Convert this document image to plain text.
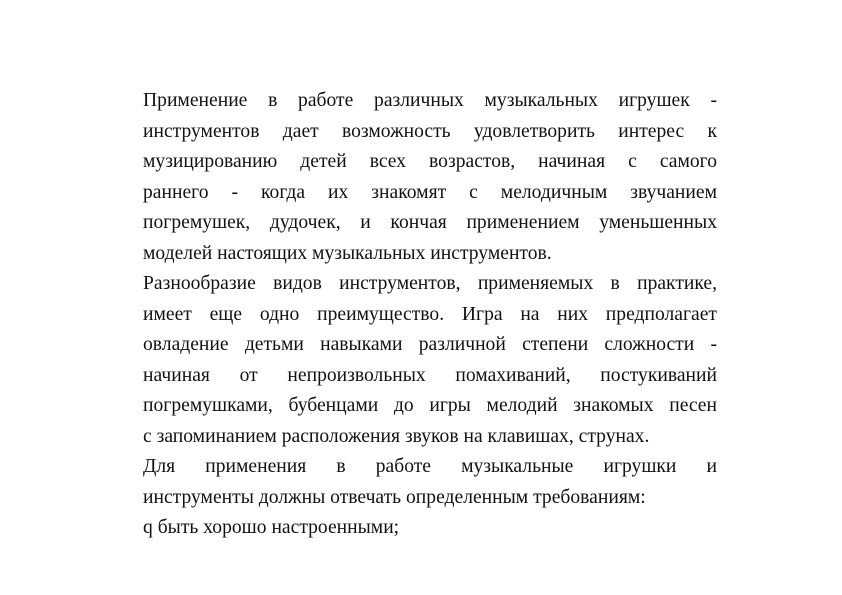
Применение в работе различных музыкальных игрушек -
инструментов дает возможность удовлетворить интерес к
музицированию детей всех возрастов, начиная с самого
раннего - когда их знакомят с мелодичным звучанием
погремушек, дудочек, и кончая применением уменьшенных
моделей настоящих музыкальных инструментов.
Разнообразие видов инструментов, применяемых в практике,
имеет еще одно преимущество. Игра на них предполагает
овладение детьми навыками различной степени сложности -
начиная от непроизвольных помахиваний, постукиваний
погремушками, бубенцами до игры мелодий знакомых песен
с запоминанием расположения звуков на клавишах, струнах.
Для применения в работе музыкальные игрушки и
инструменты должны отвечать определенным требованиям:
q быть хорошо настроенными;
